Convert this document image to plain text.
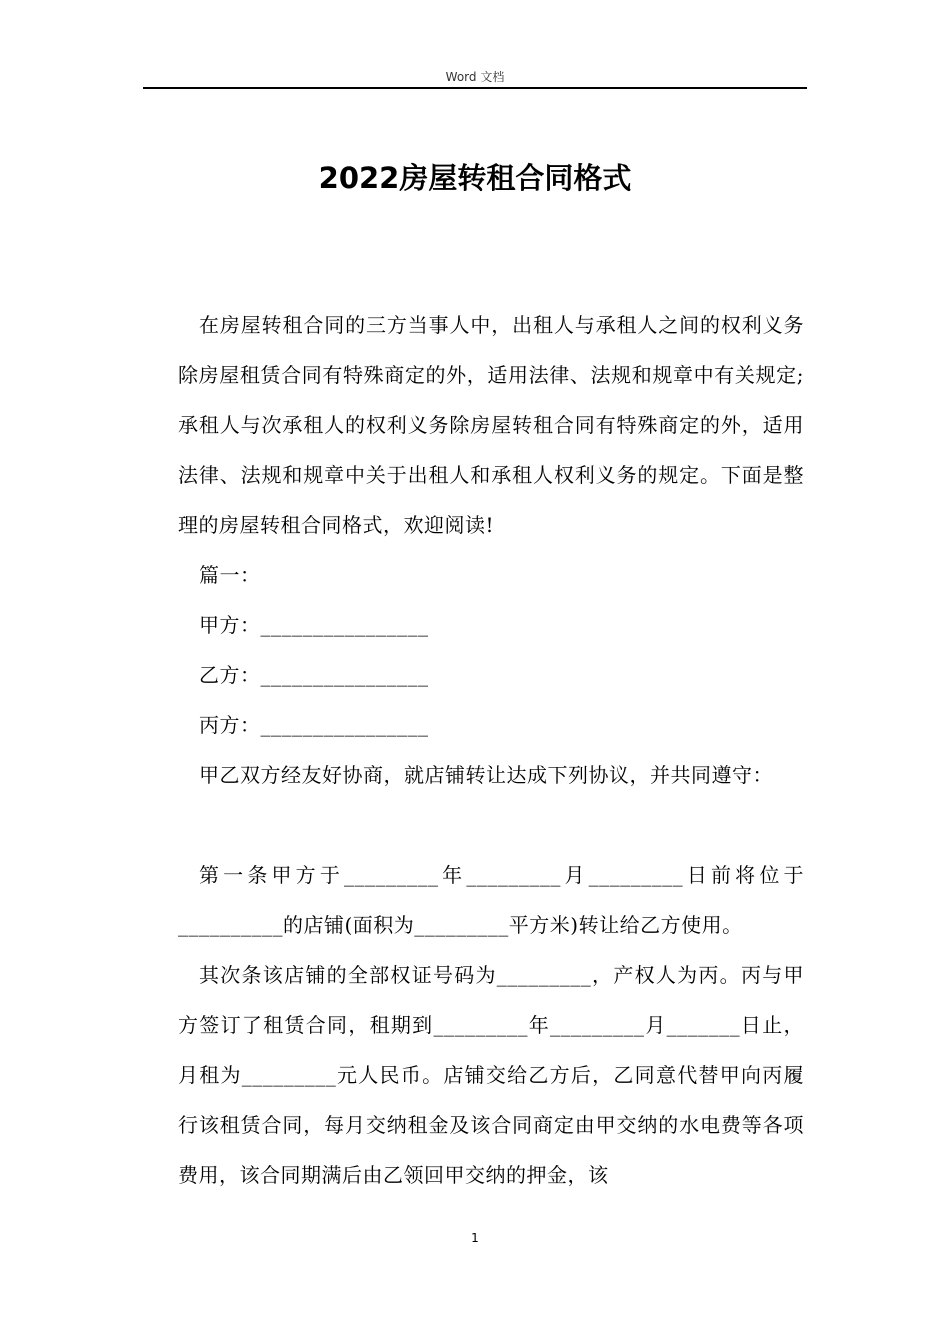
Word 文档
2022房屋转租合同格式

在房屋转租合同的三方当事人中，出租人与承租人之间的权利义务除房屋租赁合同有特殊商定的外，适用法律、法规和规章中有关规定;承租人与次承租人的权利义务除房屋转租合同有特殊商定的外，适用法律、法规和规章中关于出租人和承租人权利义务的规定。下面是整理的房屋转租合同格式，欢迎阅读!

篇一：

甲方：________________

乙方：________________

丙方：________________

甲乙双方经友好协商，就店铺转让达成下列协议，并共同遵守：

第一条甲方于_________年_________月_________日前将位于__________的店铺(面积为_________平方米)转让给乙方使用。

其次条该店铺的全部权证号码为_________，产权人为丙。丙与甲方签订了租赁合同，租期到_________年_________月_______日止，月租为_________元人民币。店铺交给乙方后，乙同意代替甲向丙履行该租赁合同，每月交纳租金及该合同商定由甲交纳的水电费等各项费用，该合同期满后由乙领回甲交纳的押金，该

1
